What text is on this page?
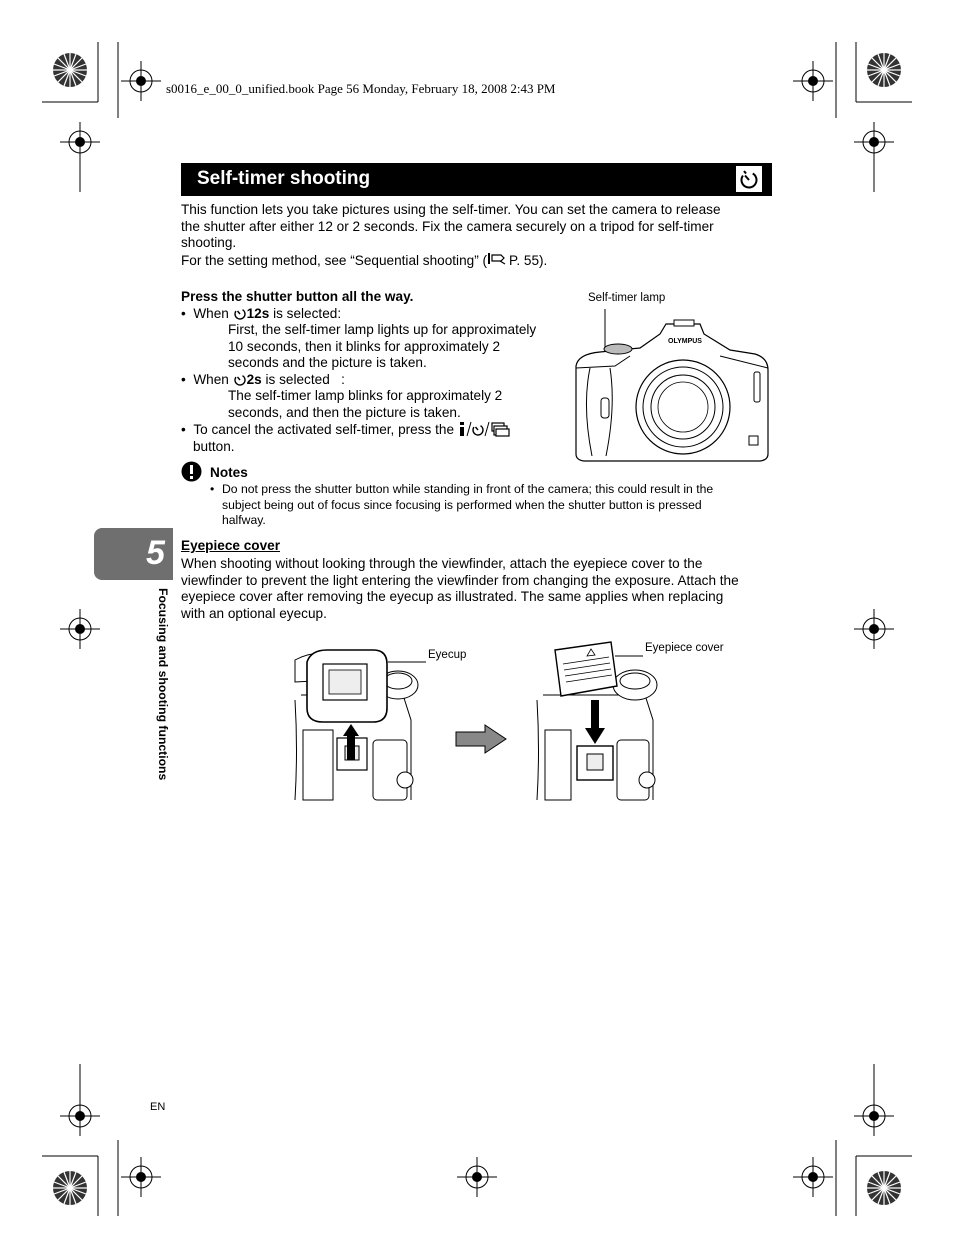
s0016_e_00_0_unified.book Page 56 Monday, February 18, 2008 2:43 PM
Self-timer shooting
This function lets you take pictures using the self-timer. You can set the camera to release
the shutter after either 12 or 2 seconds. Fix the camera securely on a tripod for self-timer
shooting.
For the setting method, see “Sequential shooting” ( P. 55).
Press the shutter button all the way.
• When 12s is selected:
First, the self-timer lamp lights up for approximately
10 seconds, then it blinks for approximately 2
seconds and the picture is taken.
• When 2s is selected :
The self-timer lamp blinks for approximately 2
seconds, and then the picture is taken.
• To cancel the activated self-timer, press the
button.
Self-timer lamp
OLYMPUS
Notes
• Do not press the shutter button while standing in front of the camera; this could result in the
subject being out of focus since focusing is performed when the shutter button is pressed
halfway.
5
Focusing and shooting functions
Eyepiece cover
When shooting without looking through the viewfinder, attach the eyepiece cover to the
viewfinder to prevent the light entering the viewfinder from changing the exposure. Attach the
eyepiece cover after removing the eyecup as illustrated. The same applies when replacing
with an optional eyecup.
Eyecup
Eyepiece cover
EN
